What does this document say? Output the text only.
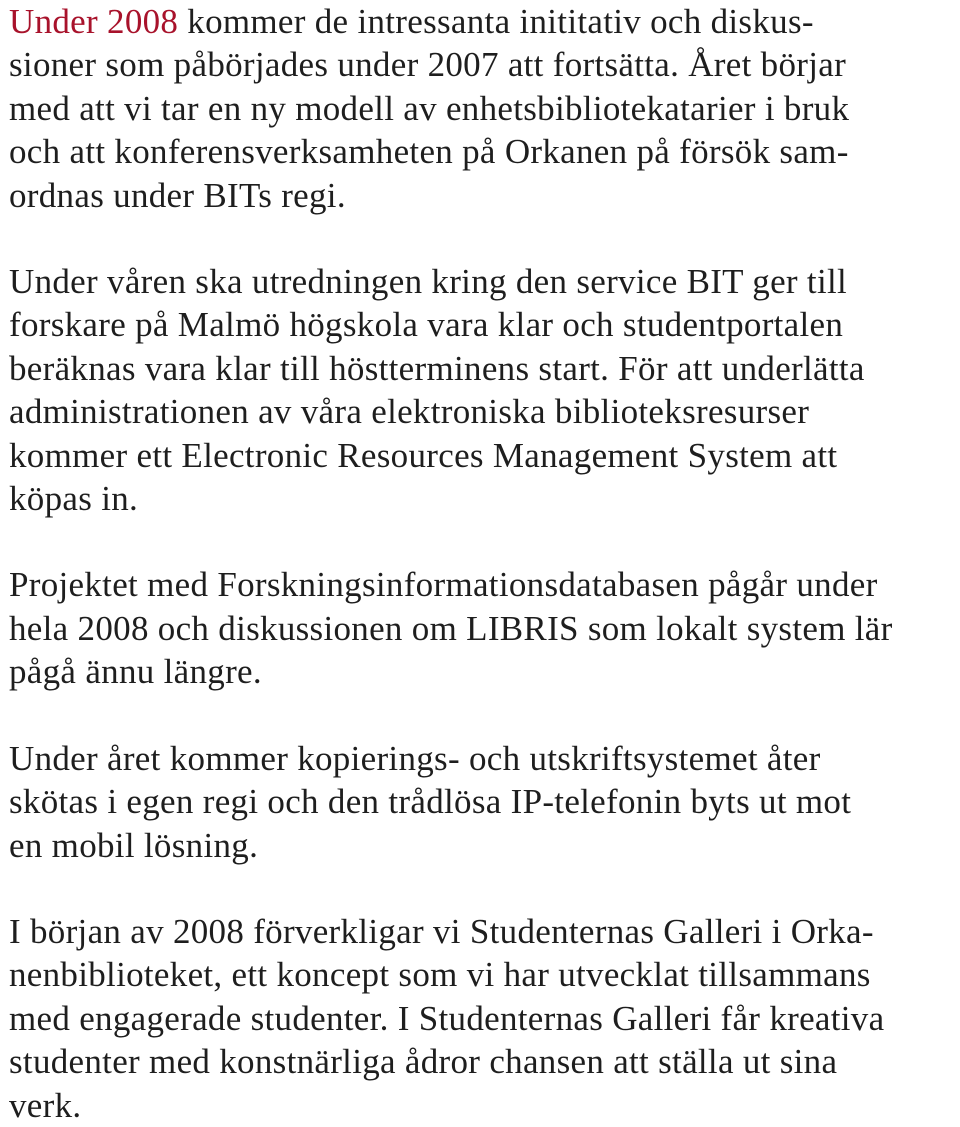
Under 2008 kommer de intressanta inititativ och diskus-
sioner som påbörjades under 2007 att fortsätta. Året börjar
med att vi tar en ny modell av enhetsbibliotekatarier i bruk
och att konferensverksamheten på Orkanen på försök sam-
ordnas under BITs regi.

Under våren ska utredningen kring den service BIT ger till
forskare på Malmö högskola vara klar och studentportalen
beräknas vara klar till höstterminens start. För att underlätta
administrationen av våra elektroniska biblioteksresurser
kommer ett Electronic Resources Management System att
köpas in.

Projektet med Forskningsinformationsdatabasen pågår under
hela 2008 och diskussionen om LIBRIS som lokalt system lär
pågå ännu längre.

Under året kommer kopierings- och utskriftsystemet åter
skötas i egen regi och den trådlösa IP-telefonin byts ut mot
en mobil lösning.

I början av 2008 förverkligar vi Studenternas Galleri i Orka-
nenbiblioteket, ett koncept som vi har utvecklat tillsammans
med engagerade studenter. I Studenternas Galleri får kreativa
studenter med konstnärliga ådror chansen att ställa ut sina
verk.
